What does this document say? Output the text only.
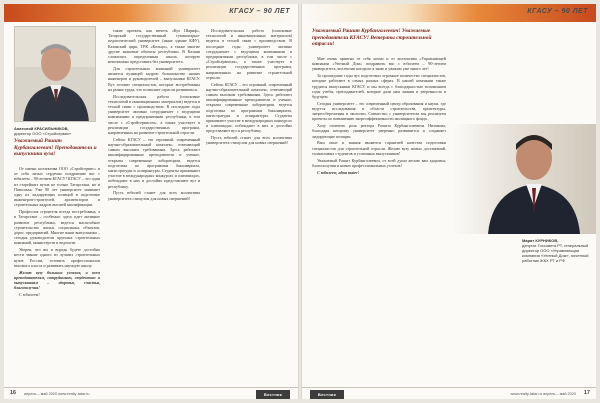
КГАСУ – 90 ЛЕТ
Анатолий КРАСИЛЬНИКОВ,
директор ООО «Стройсервис»
Уважаемый Рашит Курбангалеевич! Преподаватели и выпускники вуза!

От имени коллектива ООО «Стройсервис» и от себя лично сердечно поздравляю вас с юбилеем – 90-летием КГАСУ! КГАСУ – это один из старейших вузов не только Татарстана, но и Поволжья. Уже 90 лет университет занимает одну из лидирующих позиций в подготовке инженеров-строителей, архитекторов и строительных кадров высшей квалификации.

Профессия строителя всегда востребована, а в Татарстане – особенно: здесь идет активное развитие республики, ведется масштабное строительство жилья, социальных объектов, дорог, предприятий. Многие ваши выпускники – сегодня руководители крупных строительных компаний, министерств и ведомств.

Уверен, что вы и впредь будете достойно нести звание одного из лучших строительных вузов России, готовить профессионалов высокого класса и развивать научную школу.

Желаю вузу больших успехов, а всем преподавателям, сотрудникам, студентам и выпускникам – здоровья, счастья, благополучия!

С юбилеем!

такие проекты, как мечеть «Кул Шариф», Татарский государственный гуманитарно-педагогический университет (ныне здание КФУ), Казанский цирк, ТРК «Кольцо», а также многие другие знаковые объекты республики. В Казани сложилась определенная школа, которую невозможно представить без университета.

Для строительных компаний университет является кузницей кадров: большинство наших инженеров и руководителей – выпускники КГАСУ. Вуз готовит специалистов, которые востребованы на рынке труда, что позволяет отрасли развиваться.

Исследовательская работа (поисковые технологий и инновационных материалов) ведется в тесной связи с производством. В последние годы университет активно сотрудничает с ведущими компаниями и предприятиями республики, в том числе с «Стройсервисом», а также участвует в реализации государственных программ, направленных на развитие строительной отрасли.

Сейчас КГАСУ – это огромный, современный научно-образовательный комплекс, отвечающий самым высоким требованиям. Здесь работают квалифицированные преподаватели и ученые, открыты современные лаборатории, ведется подготовка по программам бакалавриата, магистратуры и аспирантуры. Студенты принимают участие в международных конкурсах и олимпиадах, побеждают в них и достойно представляют вуз и республику.

Пусть юбилей станет для всех коллектива университета стимулом для новых свершений!

Исследовательская работа (поисковые технологий и инновационных материалов) ведется в тесной связи с производством. В последние годы университет активно сотрудничает с ведущими компаниями и предприятиями республики, в том числе с «Стройсервисом», а также участвует в реализации государственных программ, направленных на развитие строительной отрасли.

Сейчас КГАСУ – это огромный, современный научно-образовательный комплекс, отвечающий самым высоким требованиям. Здесь работают квалифицированные преподаватели и ученые, открыты современные лаборатории, ведется подготовка по программам бакалавриата, магистратуры и аспирантуры. Студенты принимают участие в международных конкурсах и олимпиадах, побеждают в них и достойно представляют вуз и республику.

Пусть юбилей станет для всех коллектива университета стимулом для новых свершений!

16 апрель – май 2020 www.realty-tatar.ru	Вестник
КГАСУ – 90 ЛЕТ
Уважаемый Рашит Курбангалеевич! Уважаемые преподаватели КГАСУ! Ветераны строительной отрасли!

Мне очень приятно от себя лично и от коллектива «Управляющей компании «Уютный Дом» поздравить вас с юбилеем – 90-летием университета, коллектив которого я знаю и уважаю уже много лет!

За прошедшие годы вуз подготовил огромное количество специалистов, которые работают в самых разных сферах. В нашей компании также трудятся выпускники КГАСУ, и мы всегда с благодарностью вспоминаем годы учебы, преподавателей, которые дали нам знания и уверенность в будущем.

Сегодня университет – это современный центр образования и науки, где ведутся исследования в области строительства, архитектуры, энергосбережения и экологии. Совместно с университетом мы реализуем проекты по повышению энергоэффективности жилищного фонда.

Хочу отметить роль ректора Рашита Курбангалеевича Низамова, благодаря которому университет уверенно развивается и сохраняет лидирующие позиции.

Ваш опыт и знания являются гарантией качества подготовки специалистов для строительной отрасли. Желаю вузу новых достижений, талантливых студентов и успешных выпускников!

Уважаемый Рашит Курбангалеевич, от всей души желаю вам здоровья, благополучия и новых профессиональных успехов!

С юбилеем, alma mater!

Марат КУРНИКОВ,
депутат Госсовета РТ, генеральный директор ООО «Управляющая компания «Уютный Дом», почетный работник ЖКХ РТ и РФ
Вестник	www.realty-tatar.ru апрель – май 2020 17
